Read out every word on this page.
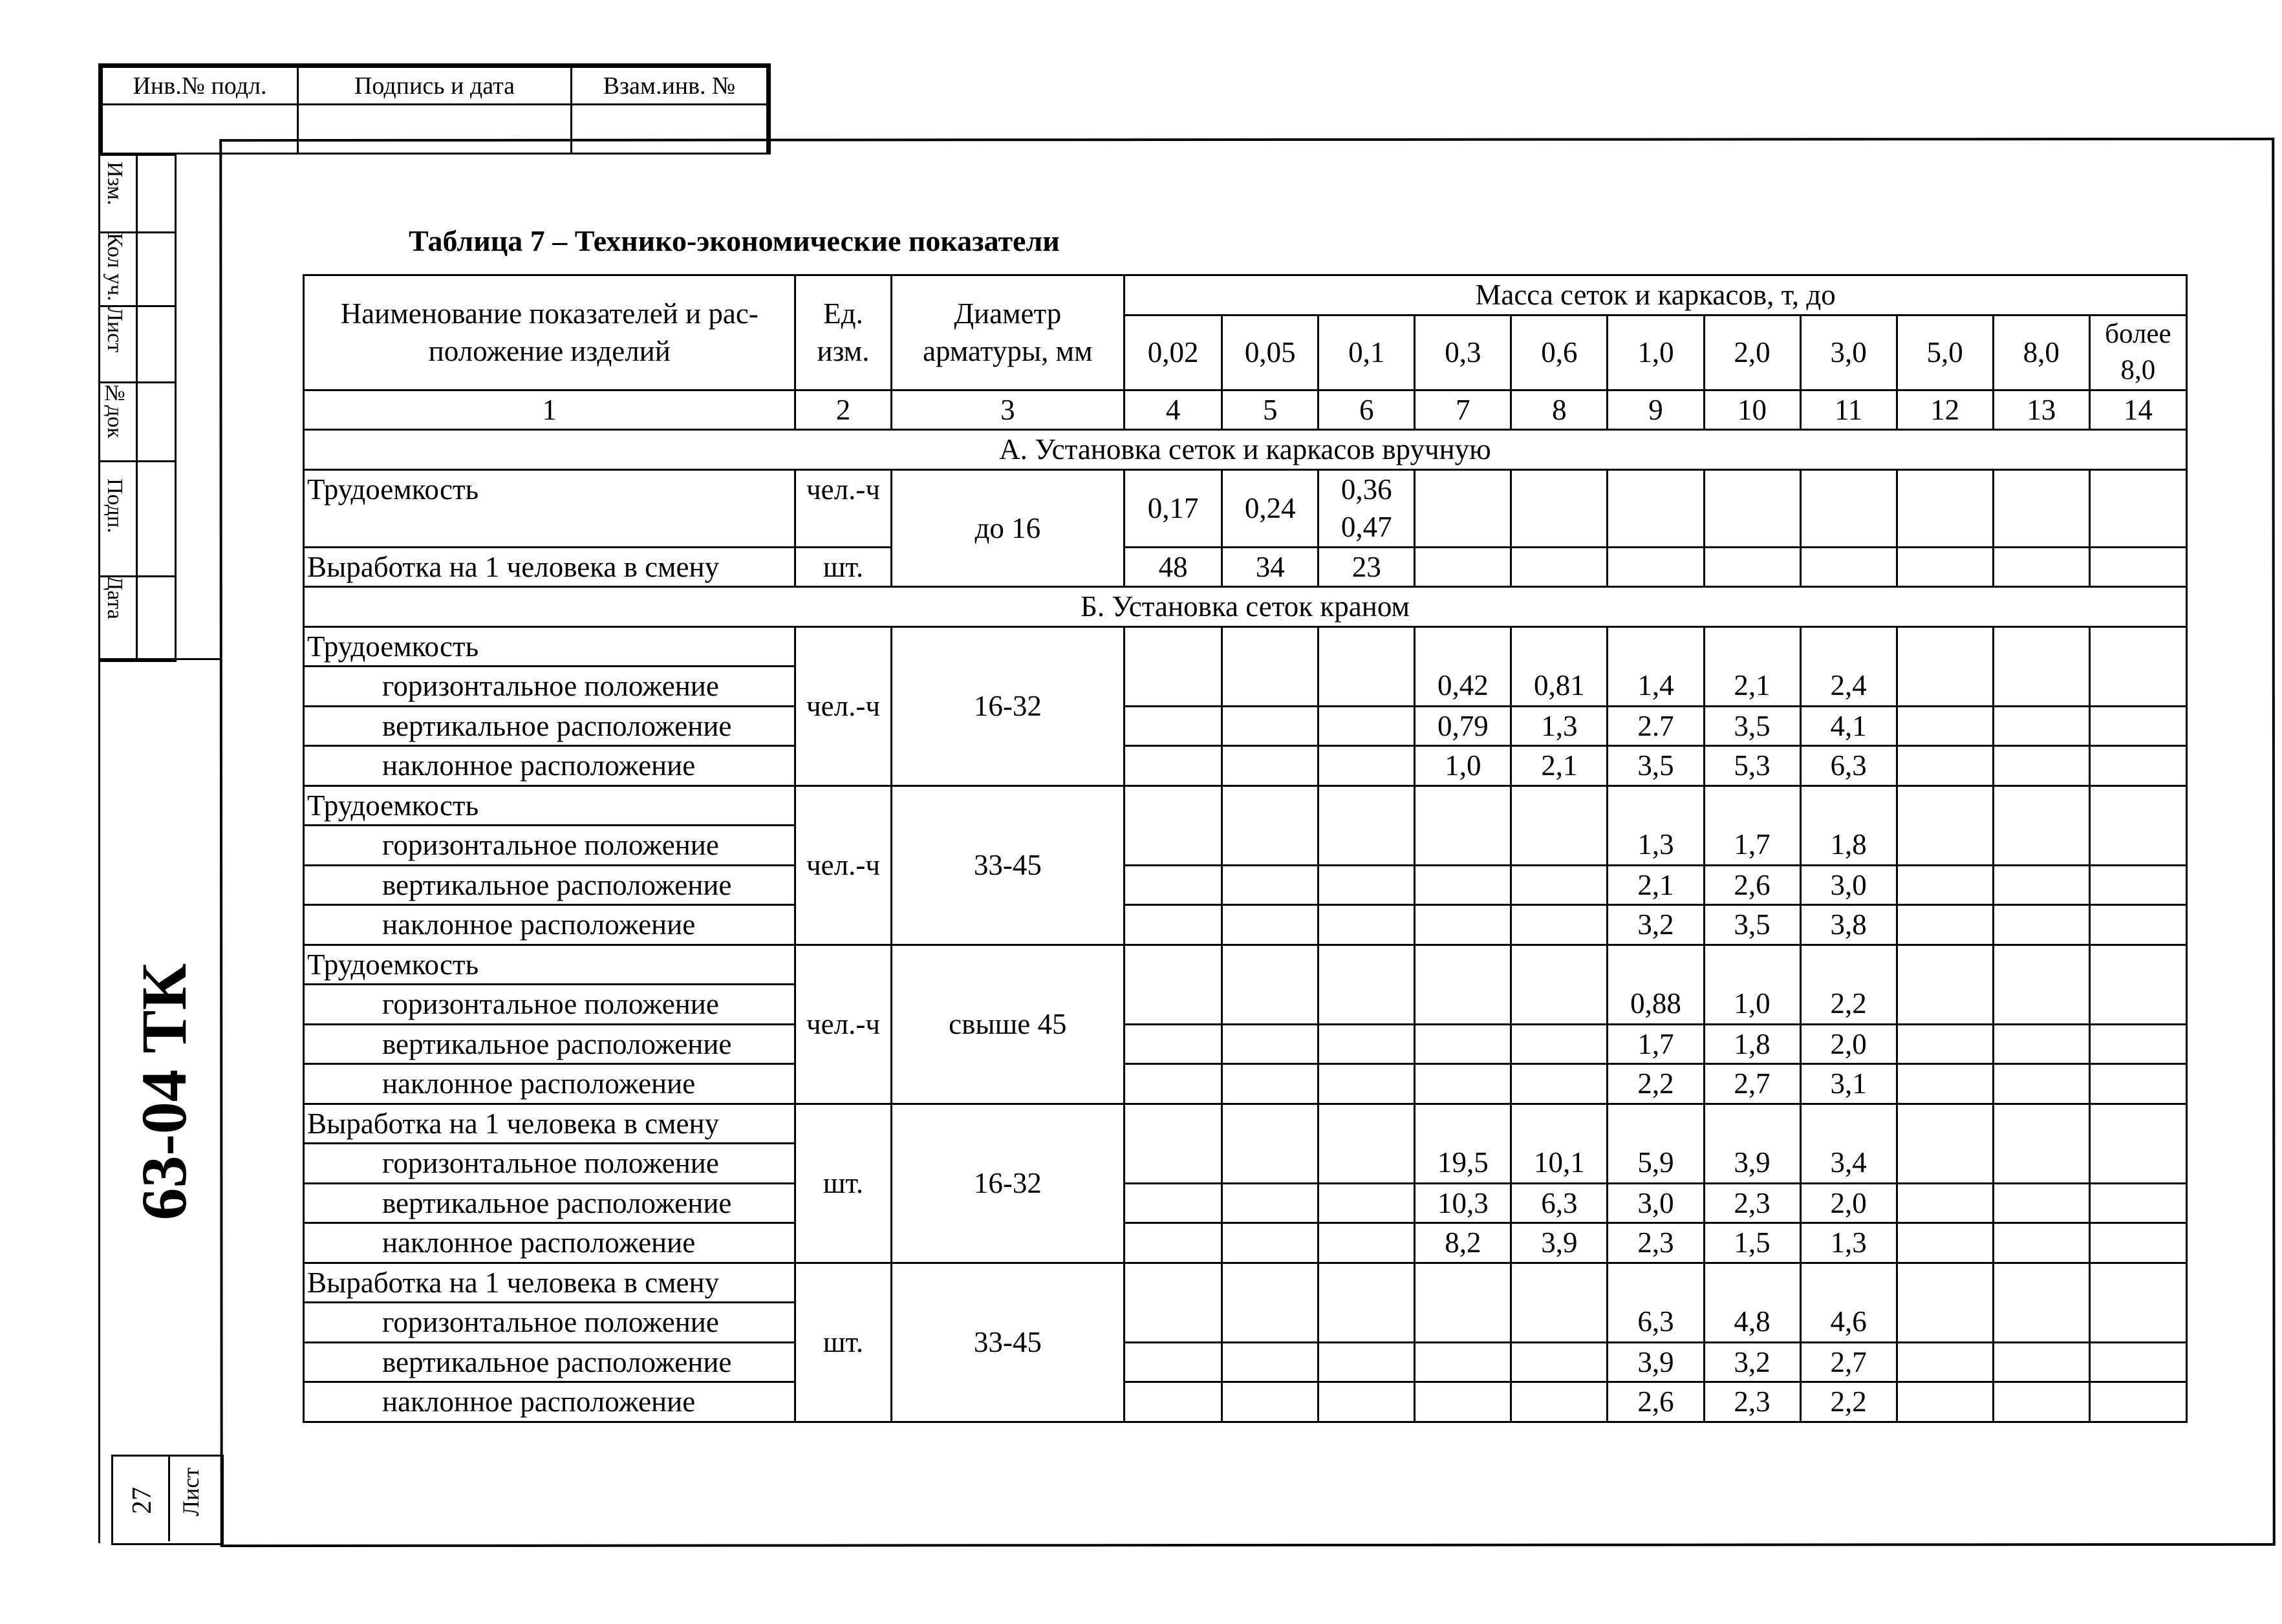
Инв.№ подл.	Подпись и дата	Взам.инв. №

Изм.
Кол уч.
Лист
№док
Подп.
Дата
63-04 ТК
Лист
27
Таблица 7 – Технико-экономические показатели
Наименование показателей и рас-положение изделий	Ед. изм.	Диаметр арматуры, мм	Масса сеток и каркасов, т, до										
			0,02	0,05	0,1	0,3	0,6	1,0	2,0	3,0	5,0	8,0	более 8,0
1	2	3	4	5	6	7	8	9	10	11	12	13	14
А. Установка сеток и каркасов вручную													
Трудоемкость	чел.-ч	до 16	0,17	0,24	0,36 0,47								
Выработка на 1 человека в смену	шт.		48	34	23								
Б. Установка сеток краном													
Трудоемкость	чел.-ч	16-32											
горизонтальное положение						0,42	0,81	1,4	2,1	2,4			
вертикальное расположение						0,79	1,3	2.7	3,5	4,1			
наклонное расположение						1,0	2,1	3,5	5,3	6,3			
Трудоемкость	чел.-ч	33-45											
горизонтальное положение								1,3	1,7	1,8			
вертикальное расположение								2,1	2,6	3,0			
наклонное расположение								3,2	3,5	3,8			
Трудоемкость	чел.-ч	свыше 45											
горизонтальное положение								0,88	1,0	2,2			
вертикальное расположение								1,7	1,8	2,0			
наклонное расположение								2,2	2,7	3,1			
Выработка на 1 человека в смену	шт.	16-32											
горизонтальное положение						19,5	10,1	5,9	3,9	3,4			
вертикальное расположение						10,3	6,3	3,0	2,3	2,0			
наклонное расположение						8,2	3,9	2,3	1,5	1,3			
Выработка на 1 человека в смену	шт.	33-45											
горизонтальное положение								6,3	4,8	4,6			
вертикальное расположение								3,9	3,2	2,7			
наклонное расположение								2,6	2,3	2,2			
